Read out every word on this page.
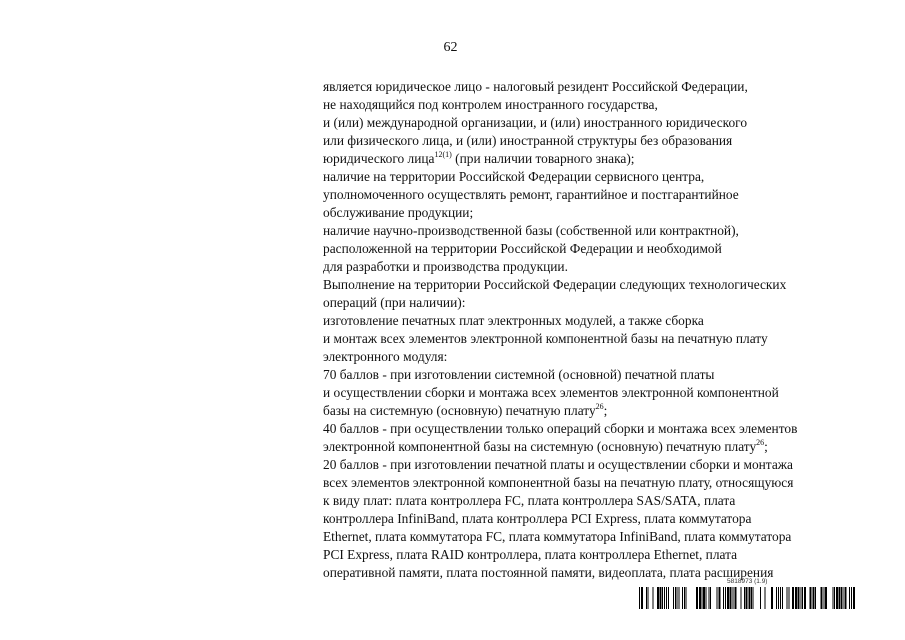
62
является юридическое лицо - налоговый резидент Российской Федерации,
не находящийся под контролем иностранного государства,
и (или) международной организации, и (или) иностранного юридического
или физического лица, и (или) иностранной структуры без образования
юридического лица$^{12(1)}$ (при наличии товарного знака);
наличие на территории Российской Федерации сервисного центра,
уполномоченного осуществлять ремонт, гарантийное и постгарантийное
обслуживание продукции;
наличие научно-производственной базы (собственной или контрактной),
расположенной на территории Российской Федерации и необходимой
для разработки и производства продукции.
Выполнение на территории Российской Федерации следующих технологических
операций (при наличии):
изготовление печатных плат электронных модулей, а также сборка
и монтаж всех элементов электронной компонентной базы на печатную плату
электронного модуля:
70 баллов - при изготовлении системной (основной) печатной платы
и осуществлении сборки и монтажа всех элементов электронной компонентной
базы на системную (основную) печатную плату$^{26}$;
40 баллов - при осуществлении только операций сборки и монтажа всех элементов
электронной компонентной базы на системную (основную) печатную плату$^{26}$;
20 баллов - при изготовлении печатной платы и осуществлении сборки и монтажа
всех элементов электронной компонентной базы на печатную плату, относящуюся
к виду плат: плата контроллера FC, плата контроллера SAS/SATA, плата
контроллера InfiniBand, плата контроллера PCI Express, плата коммутатора
Ethernet, плата коммутатора FC, плата коммутатора InfiniBand, плата коммутатора
PCI Express, плата RAID контроллера, плата контроллера Ethernet, плата
оперативной памяти, плата постоянной памяти, видеоплата, плата расширения
5818973 (1.9)
